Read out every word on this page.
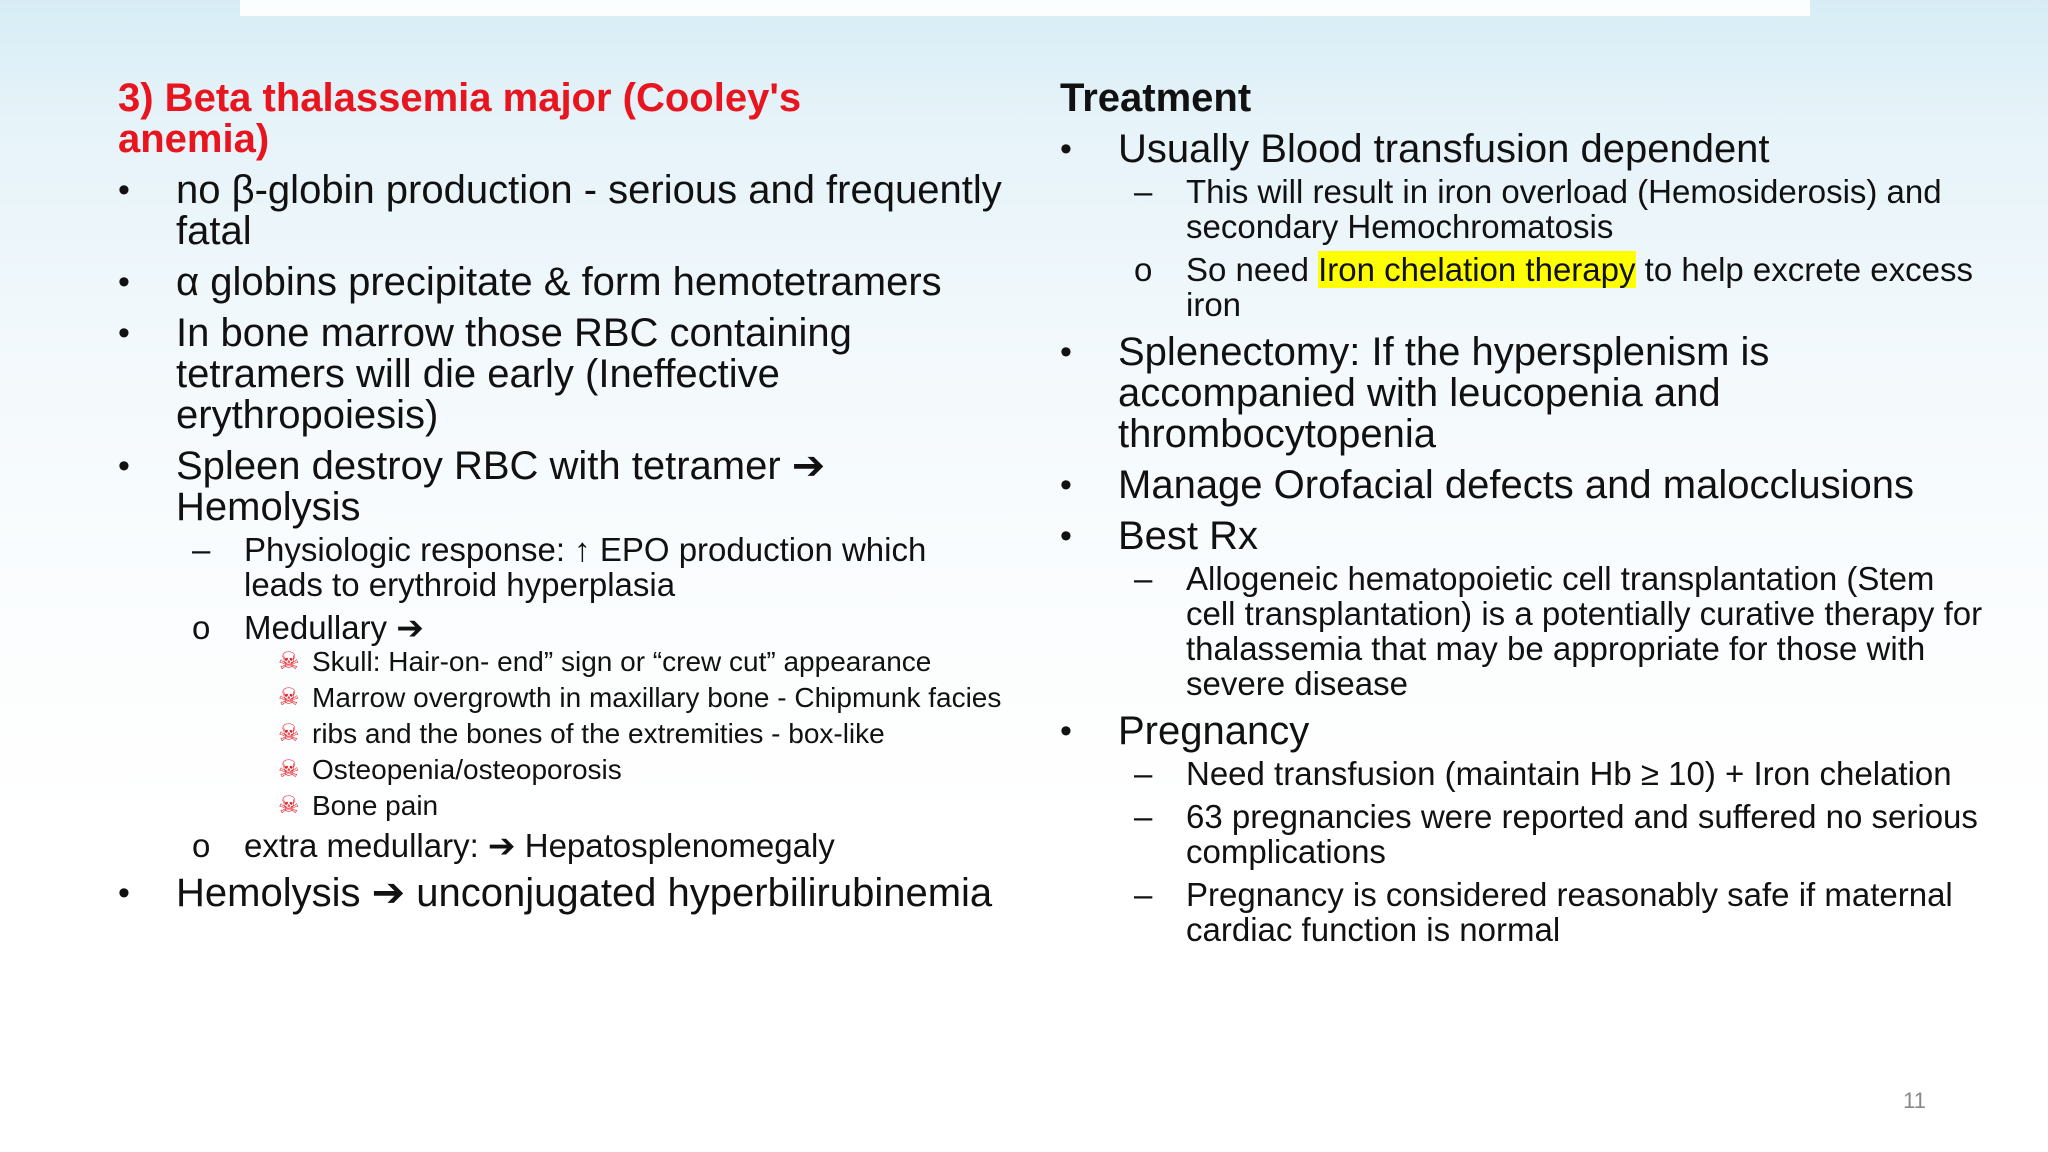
3) Beta thalassemia major (Cooley's anemia)
•	no β-globin production - serious and frequently fatal
•	α globins precipitate & form hemotetramers
•	In bone marrow those RBC containing tetramers will die early (Ineffective erythropoiesis)
•	Spleen destroy RBC with tetramer ➔ Hemolysis
–	Physiologic response: ↑ EPO production which leads to erythroid hyperplasia
o	Medullary ➔
☠ Skull: Hair-on- end” sign or “crew cut” appearance
☠ Marrow overgrowth in maxillary bone - Chipmunk facies
☠ ribs and the bones of the extremities - box-like
☠ Osteopenia/osteoporosis
☠ Bone pain
o	extra medullary: ➔ Hepatosplenomegaly
•	Hemolysis ➔ unconjugated hyperbilirubinemia
Treatment
•	Usually Blood transfusion dependent
–	This will result in iron overload (Hemosiderosis) and secondary Hemochromatosis
o	So need Iron chelation therapy to help excrete excess iron
•	Splenectomy: If the hypersplenism is accompanied with leucopenia and thrombocytopenia
•	Manage Orofacial defects and malocclusions
•	Best Rx
–	Allogeneic hematopoietic cell transplantation (Stem cell transplantation) is a potentially curative therapy for thalassemia that may be appropriate for those with severe disease
•	Pregnancy
–	Need transfusion (maintain Hb ≥ 10) + Iron chelation
–	63 pregnancies were reported and suffered no serious complications
–	Pregnancy is considered reasonably safe if maternal cardiac function is normal
11
